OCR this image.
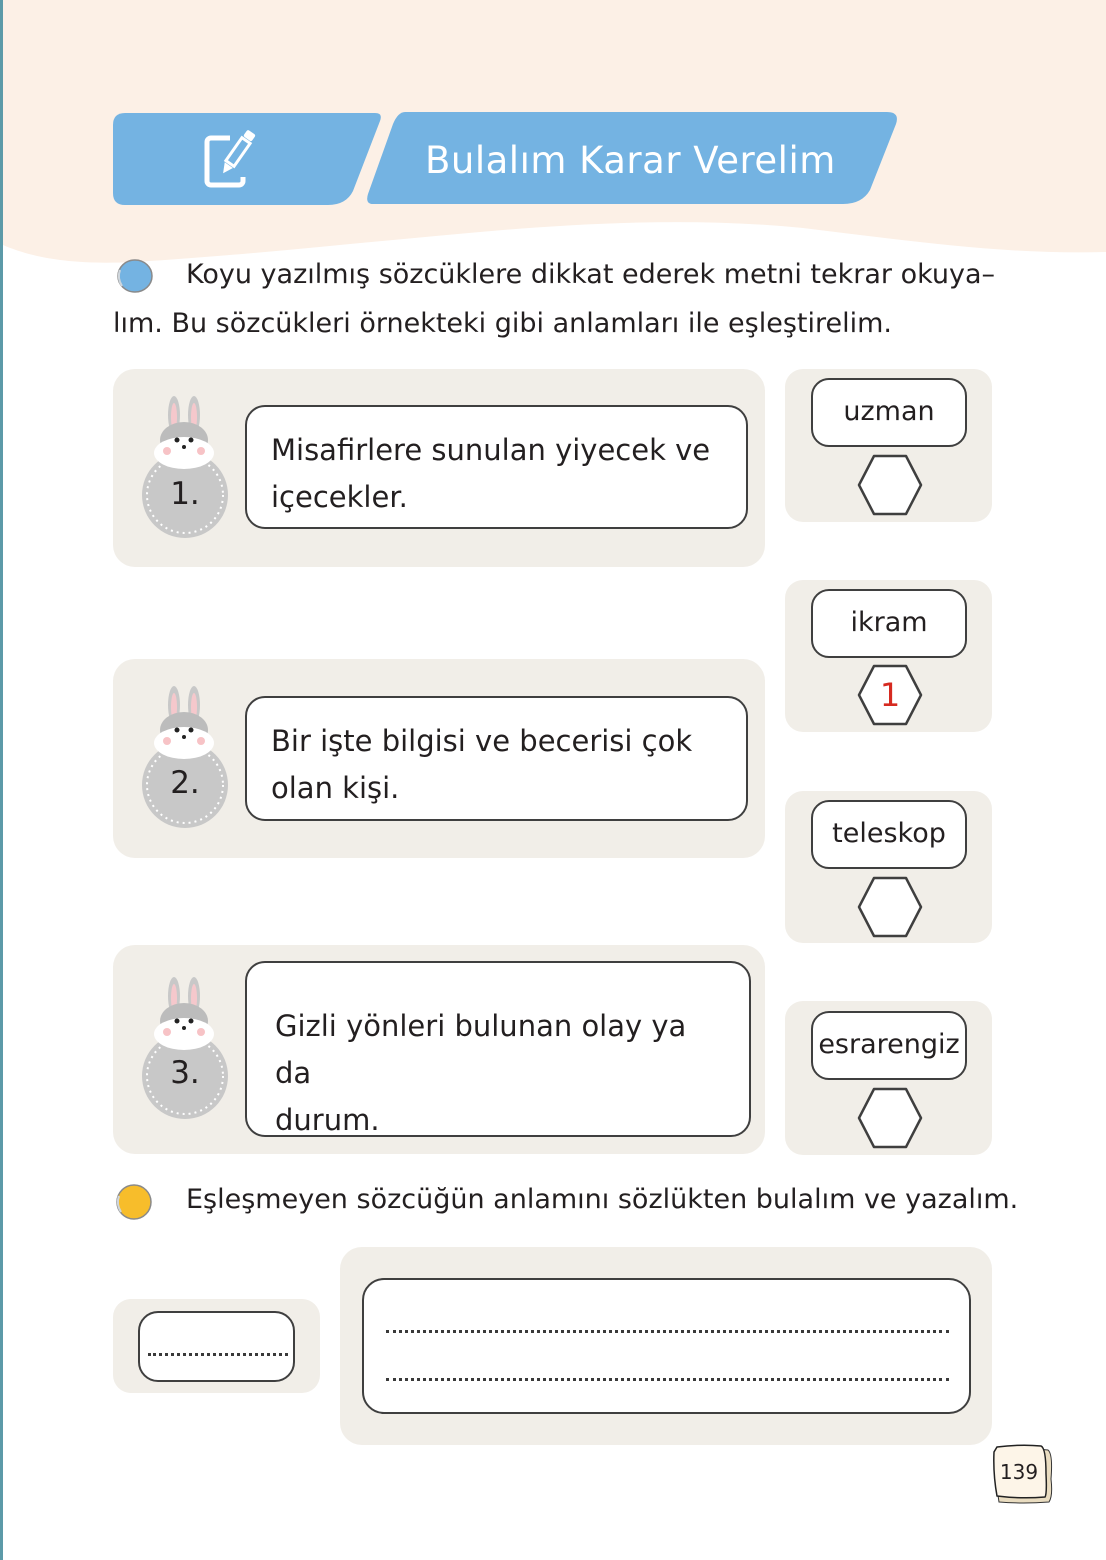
Bulalım Karar Verelim
Koyu yazılmış sözcüklere dikkat ederek metni tekrar okuya–
lım. Bu sözcükleri örnekteki gibi anlamları ile eşleştirelim.
1.
2.
3.
Misafirlere sunulan yiyecek ve
içecekler.
Bir işte bilgisi ve becerisi çok
olan kişi.
Gizli yönleri bulunan olay ya da
durum.
uzman
ikram
teleskop
esrarengiz
1
Eşleşmeyen sözcüğün anlamını sözlükten bulalım ve yazalım.
139
